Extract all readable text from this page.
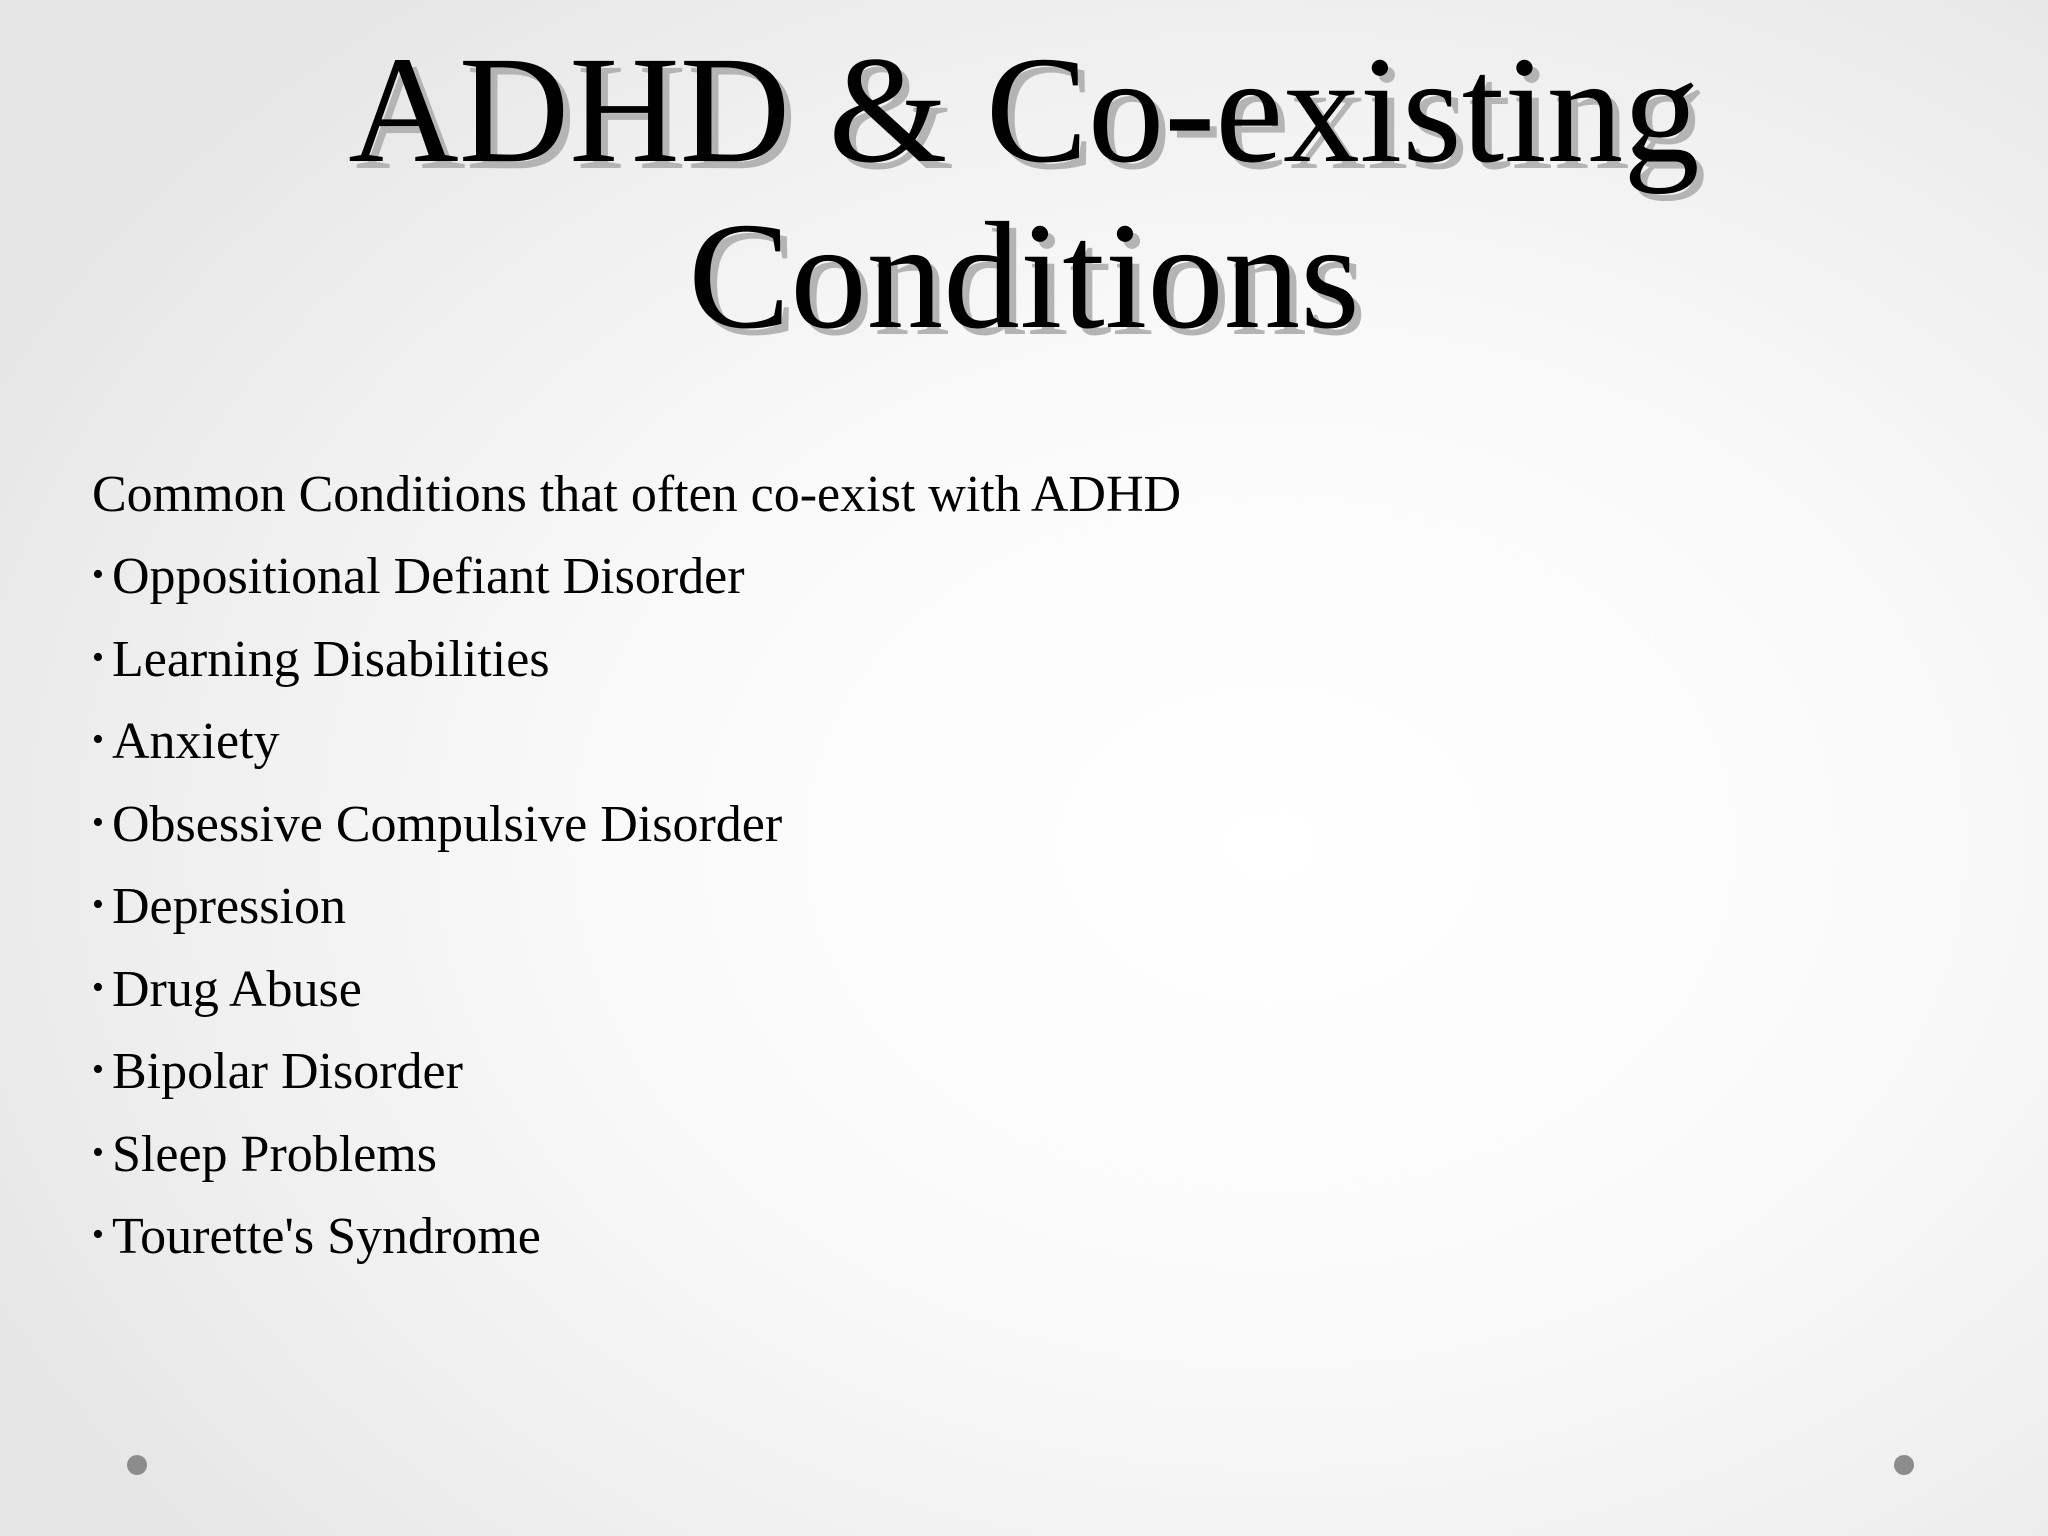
ADHD & Co-existing
Conditions
Common Conditions that often co-exist with ADHD
• Oppositional Defiant Disorder
• Learning Disabilities
• Anxiety
• Obsessive Compulsive Disorder
• Depression
• Drug Abuse
• Bipolar Disorder
• Sleep Problems
• Tourette's Syndrome
